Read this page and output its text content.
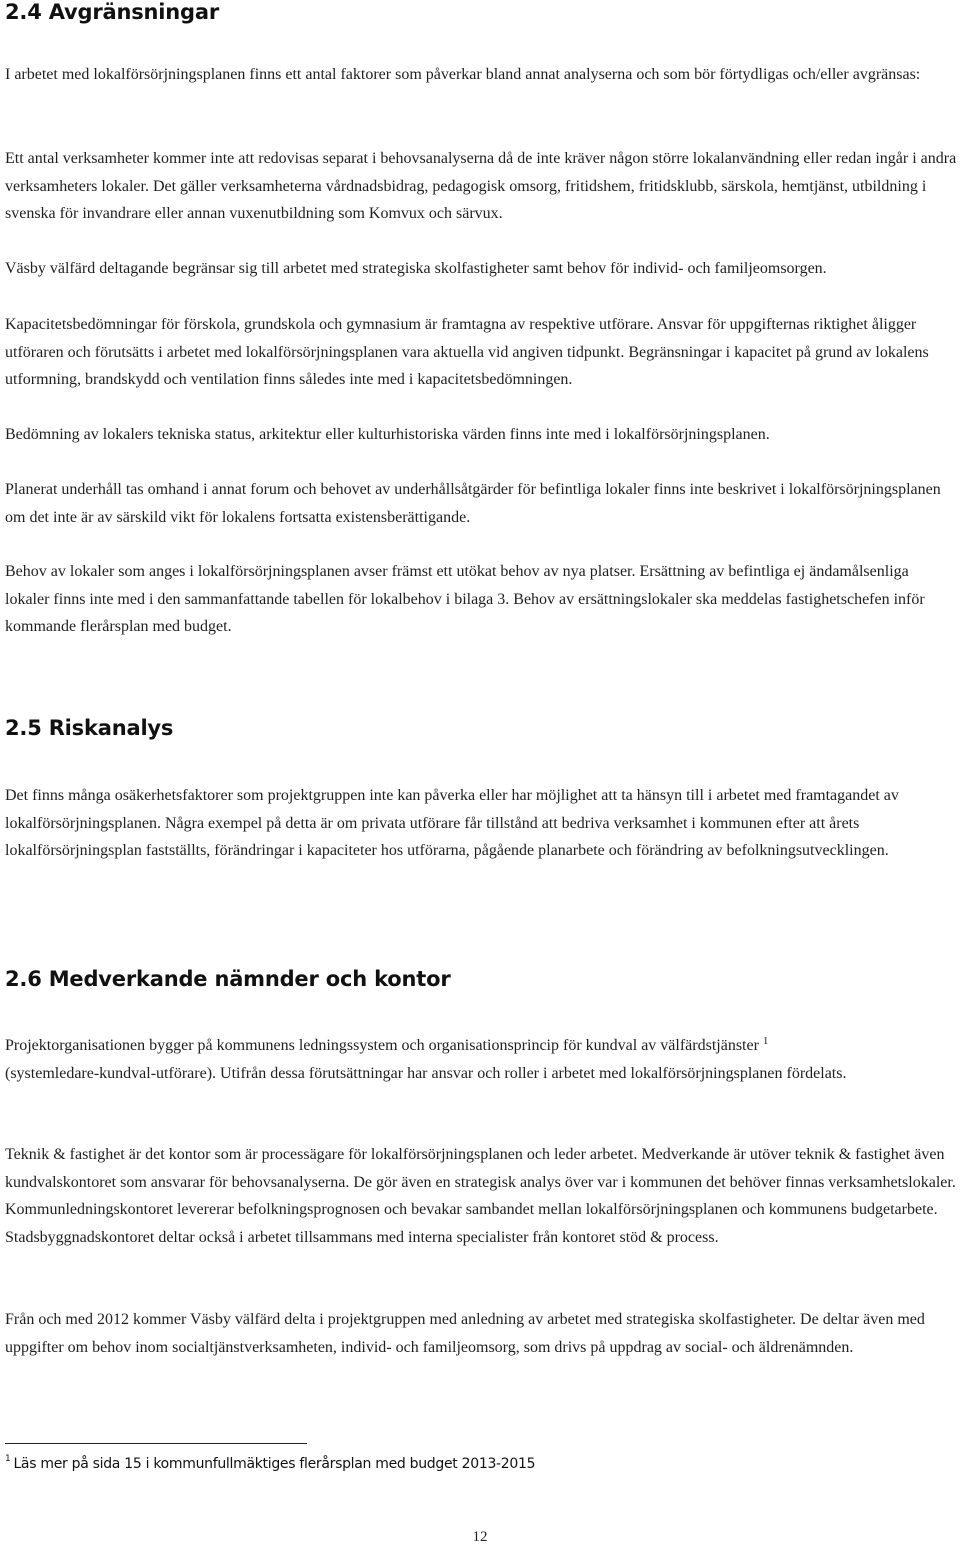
2.4 Avgränsningar

I arbetet med lokalförsörjningsplanen finns ett antal faktorer som påverkar bland annat analyserna och som bör förtydligas och/eller avgränsas:

Ett antal verksamheter kommer inte att redovisas separat i behovsanalyserna då de inte kräver någon större lokalanvändning eller redan ingår i andra verksamheters lokaler. Det gäller verksamheterna vårdnadsbidrag, pedagogisk omsorg, fritidshem, fritidsklubb, särskola, hemtjänst, utbildning i svenska för invandrare eller annan vuxenutbildning som Komvux och särvux.

Väsby välfärd deltagande begränsar sig till arbetet med strategiska skolfastigheter samt behov för individ- och familjeomsorgen.

Kapacitetsbedömningar för förskola, grundskola och gymnasium är framtagna av respektive utförare. Ansvar för uppgifternas riktighet åligger utföraren och förutsätts i arbetet med lokalförsörjningsplanen vara aktuella vid angiven tidpunkt. Begränsningar i kapacitet på grund av lokalens utformning, brandskydd och ventilation finns således inte med i kapacitetsbedömningen.

Bedömning av lokalers tekniska status, arkitektur eller kulturhistoriska värden finns inte med i lokalförsörjningsplanen.

Planerat underhåll tas omhand i annat forum och behovet av underhållsåtgärder för befintliga lokaler finns inte beskrivet i lokalförsörjningsplanen om det inte är av särskild vikt för lokalens fortsatta existensberättigande.

Behov av lokaler som anges i lokalförsörjningsplanen avser främst ett utökat behov av nya platser. Ersättning av befintliga ej ändamålsenliga lokaler finns inte med i den sammanfattande tabellen för lokalbehov i bilaga 3. Behov av ersättningslokaler ska meddelas fastighetschefen inför kommande flerårsplan med budget.

2.5 Riskanalys

Det finns många osäkerhetsfaktorer som projektgruppen inte kan påverka eller har möjlighet att ta hänsyn till i arbetet med framtagandet av lokalförsörjningsplanen. Några exempel på detta är om privata utförare får tillstånd att bedriva verksamhet i kommunen efter att årets lokalförsörjningsplan fastställts, förändringar i kapaciteter hos utförarna, pågående planarbete och förändring av befolkningsutvecklingen.

2.6 Medverkande nämnder och kontor

Projektorganisationen bygger på kommunens ledningssystem och organisationsprincip för kundval av välfärdstjänster $^1$

(systemledare-kundval-utförare). Utifrån dessa förutsättningar har ansvar och roller i arbetet med lokalförsörjningsplanen fördelats.

Teknik & fastighet är det kontor som är processägare för lokalförsörjningsplanen och leder arbetet. Medverkande är utöver teknik & fastighet även kundvalskontoret som ansvarar för behovsanalyserna. De gör även en strategisk analys över var i kommunen det behöver finnas verksamhetslokaler. Kommunledningskontoret levererar befolkningsprognosen och bevakar sambandet mellan lokalförsörjningsplanen och kommunens budgetarbete. Stadsbyggnadskontoret deltar också i arbetet tillsammans med interna specialister från kontoret stöd & process.

Från och med 2012 kommer Väsby välfärd delta i projektgruppen med anledning av arbetet med strategiska skolfastigheter. De deltar även med uppgifter om behov inom socialtjänstverksamheten, individ- och familjeomsorg, som drivs på uppdrag av social- och äldrenämnden.

$^1$ Läs mer på sida 15 i kommunfullmäktiges flerårsplan med budget 2013-2015
12
